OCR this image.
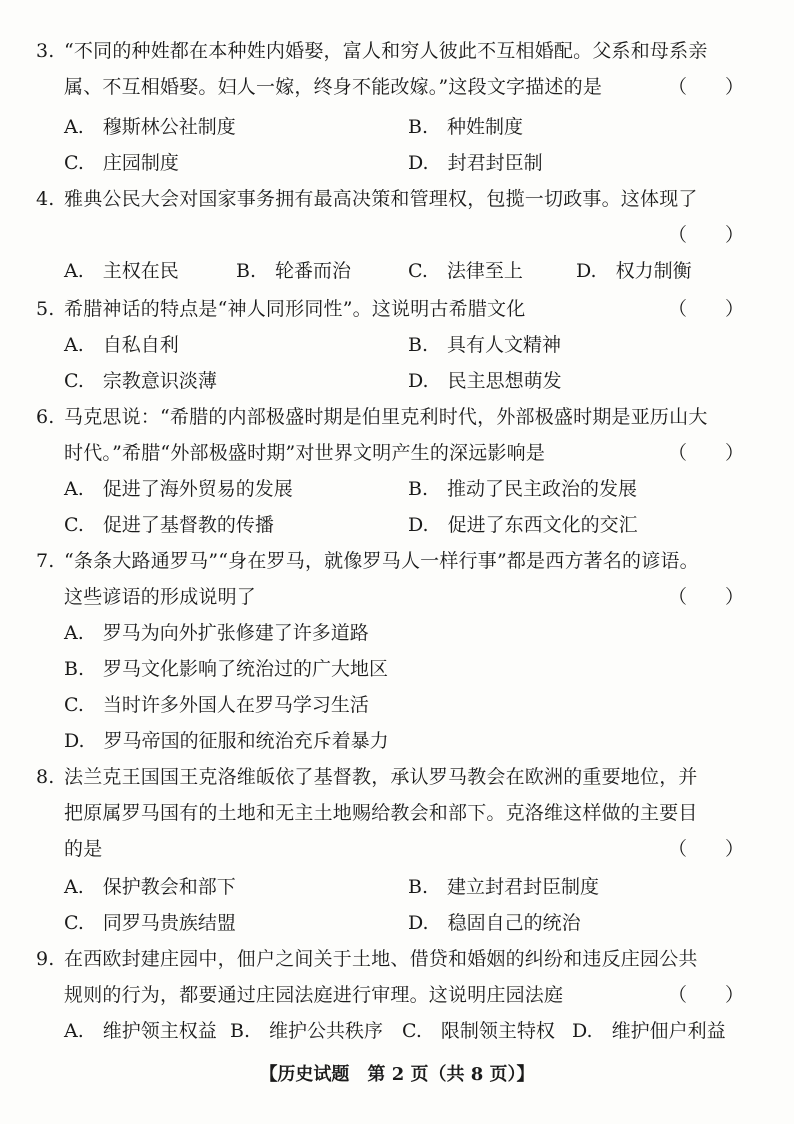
3. “不同的种姓都在本种姓内婚娶，富人和穷人彼此不互相婚配。父系和母系亲
属、不互相婚娶。妇人一嫁，终身不能改嫁。”这段文字描述的是	（　　）
A.　穆斯林公社制度	B.　种姓制度
C.　庄园制度	D.　封君封臣制
4. 雅典公民大会对国家事务拥有最高决策和管理权，包揽一切政事。这体现了
（　　）
A.　主权在民	B.　轮番而治	C.　法律至上	D.　权力制衡
5. 希腊神话的特点是“神人同形同性”。这说明古希腊文化	（　　）
A.　自私自利	B.　具有人文精神
C.　宗教意识淡薄	D.　民主思想萌发
6. 马克思说：“希腊的内部极盛时期是伯里克利时代，外部极盛时期是亚历山大
时代。”希腊“外部极盛时期”对世界文明产生的深远影响是	（　　）
A.　促进了海外贸易的发展	B.　推动了民主政治的发展
C.　促进了基督教的传播	D.　促进了东西文化的交汇
7. “条条大路通罗马”“身在罗马，就像罗马人一样行事”都是西方著名的谚语。
这些谚语的形成说明了	（　　）
A.　罗马为向外扩张修建了许多道路
B.　罗马文化影响了统治过的广大地区
C.　当时许多外国人在罗马学习生活
D.　罗马帝国的征服和统治充斥着暴力
8. 法兰克王国国王克洛维皈依了基督教，承认罗马教会在欧洲的重要地位，并
把原属罗马国有的土地和无主土地赐给教会和部下。克洛维这样做的主要目
的是	（　　）
A.　保护教会和部下	B.　建立封君封臣制度
C.　同罗马贵族结盟	D.　稳固自己的统治
9. 在西欧封建庄园中，佃户之间关于土地、借贷和婚姻的纠纷和违反庄园公共
规则的行为，都要通过庄园法庭进行审理。这说明庄园法庭	（　　）
A.　维护领主权益 B.　维护公共秩序 C.　限制领主特权 D.　维护佃户利益
【历史试题　第 2 页（共 8 页）】
